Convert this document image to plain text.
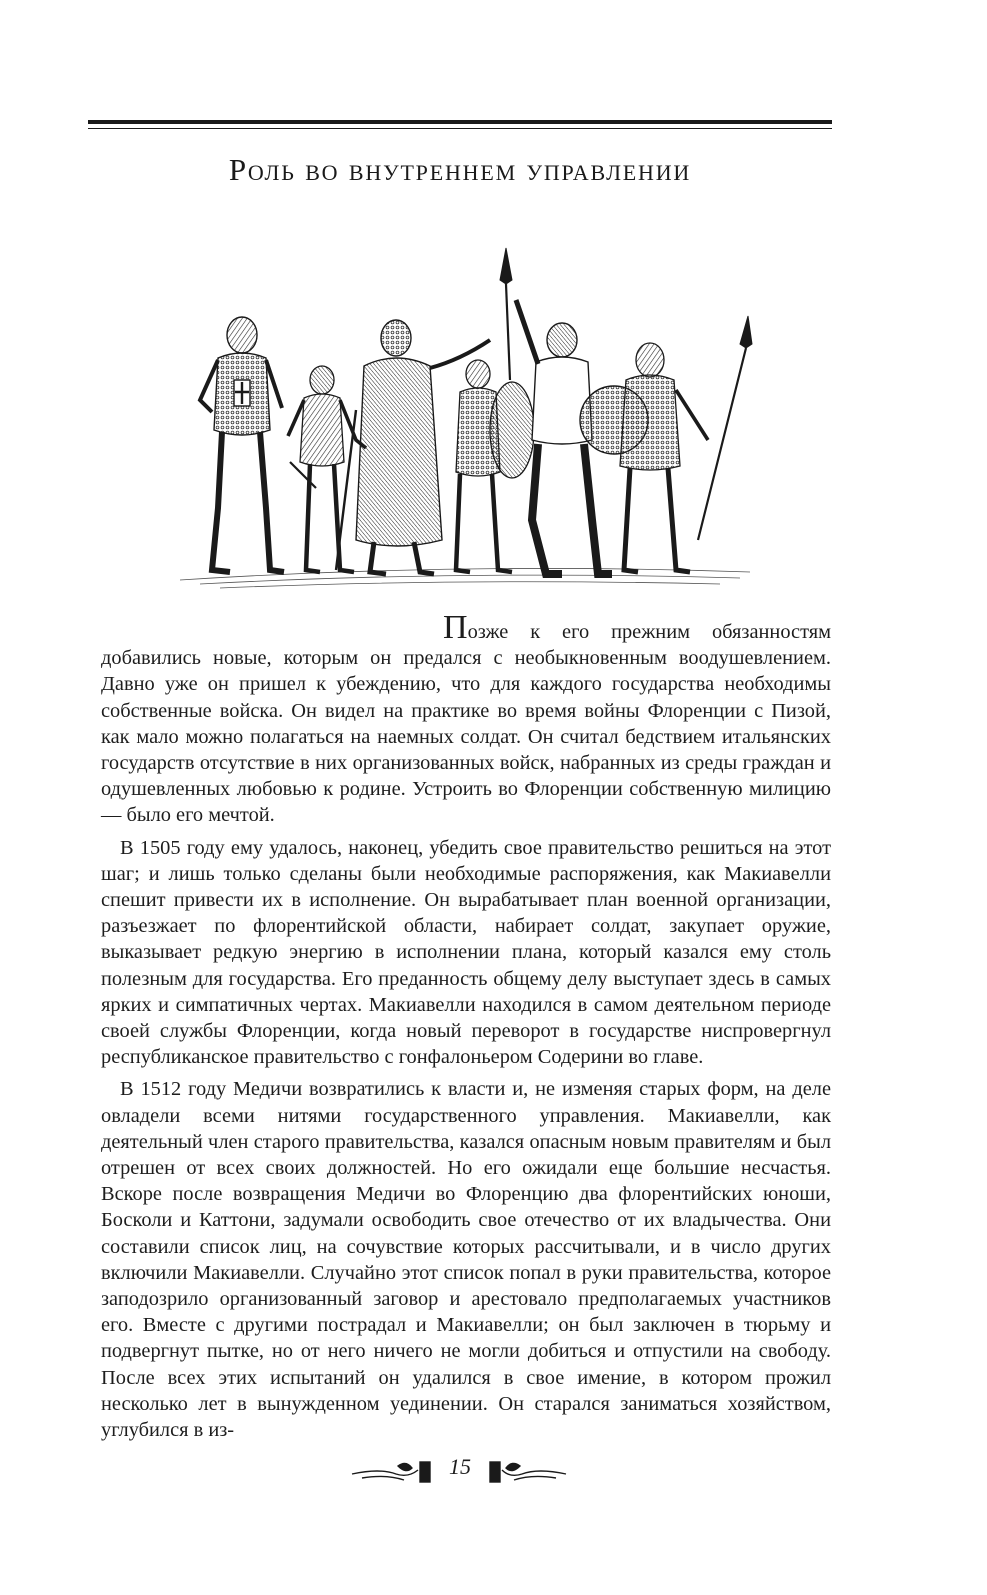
Роль во внутреннем управлении

Позже к его прежним обязанностям добавились новые, которым он предался с необыкновенным воодушевлением. Давно уже он пришел к убеждению, что для каждого государства необходимы собственные войска. Он видел на практике во время войны Флоренции с Пизой, как мало можно полагаться на наемных солдат. Он считал бедствием итальянских государств отсутствие в них организованных войск, набранных из среды граждан и одушевленных любовью к родине. Устроить во Флоренции собственную милицию — было его мечтой.

В 1505 году ему удалось, наконец, убедить свое правительство решиться на этот шаг; и лишь только сделаны были необходимые распоряжения, как Макиавелли спешит привести их в исполнение. Он вырабатывает план военной организации, разъезжает по флорентийской области, набирает солдат, закупает оружие, выказывает редкую энергию в исполнении плана, который казался ему столь полезным для государства. Его преданность общему делу выступает здесь в самых ярких и симпатичных чертах. Макиавелли находился в самом деятельном периоде своей службы Флоренции, когда новый переворот в государстве ниспровергнул республиканское правительство с гонфалоньером Содерини во главе.

В 1512 году Медичи возвратились к власти и, не изменяя старых форм, на деле овладели всеми нитями государственного управления. Макиавелли, как деятельный член старого правительства, казался опасным новым правителям и был отрешен от всех своих должностей. Но его ожидали еще большие несчастья. Вскоре после возвращения Медичи во Флоренцию два флорентийских юноши, Босколи и Каттони, задумали освободить свое отечество от их владычества. Они составили список лиц, на сочувствие которых рассчитывали, и в число других включили Макиавелли. Случайно этот список попал в руки правительства, которое заподозрило организованный заговор и арестовало предполагаемых участников его. Вместе с другими пострадал и Макиавелли; он был заключен в тюрьму и подвергнут пытке, но от него ничего не могли добиться и отпустили на свободу. После всех этих испытаний он удалился в свое имение, в котором прожил несколько лет в вынужденном уединении. Он старался заниматься хозяйством, углубился в из-

15
